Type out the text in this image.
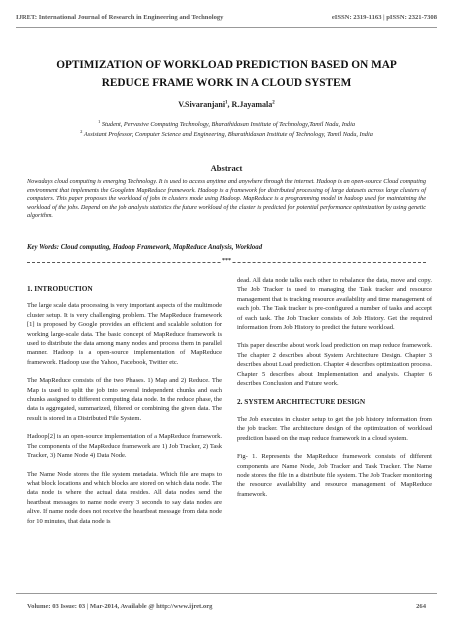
IJRET: International Journal of Research in Engineering and Technology	eISSN: 2319-1163 | pISSN: 2321-7308
OPTIMIZATION OF WORKLOAD PREDICTION BASED ON MAP
REDUCE FRAME WORK IN A CLOUD SYSTEM
V.Sivaranjani$^1$, R.Jayamala$^2$
$^1$ Student, Pervasive Computing Technology, Bharathidasan Institute of Technology,Tamil Nadu, India
$^2$ Assistant Professor, Computer Science and Engineering, Bharathidasan Institute of Technology, Tamil Nadu, India
Abstract
Nowadays cloud computing is emerging Technology. It is used to access anytime and anywhere through the internet. Hadoop is an open-source Cloud computing environment that implements the Googletm MapReduce framework. Hadoop is a framework for distributed processing of large datasets across large clusters of computers. This paper proposes the workload of jobs in clusters mode using Hadoop. MapReduce is a programming model in hadoop used for maintaining the workload of the jobs. Depend on the job analysis statistics the future workload of the cluster is predicted for potential performance optimization by using genetic algorithm.
Key Words: Cloud computing, Hadoop Framework, MapReduce Analysis, Workload
***
1. INTRODUCTION

The large scale data processing is very important aspects of the multimode cluster setup. It is very challenging problem. The MapReduce framework [1] is proposed by Google provides an efficient and scalable solution for working large-scale data. The basic concept of MapReduce framework is used to distribute the data among many nodes and process them in parallel manner. Hadoop is a open-source implementation of MapReduce framework. Hadoop use the Yahoo, Facebook, Twitter etc.

The MapReduce consists of the two Phases. 1) Map and 2) Reduce. The Map is used to split the job into several independent chunks and each chunks assigned to different computing data node. In the reduce phase, the data is aggregated, summarized, filtered or combining the given data. The result is stored in a Distributed File System.

Hadoop[2] is an open-source implementation of a MapReduce framework. The components of the MapReduce framework are 1) Job Tracker, 2) Task Tracker, 3) Name Node 4) Data Node.

The Name Node stores the file system metadata. Which file are maps to what block locations and which blocks are stored on which data node. The data node is where the actual data resides. All data nodes send the heartbeat messages to name node every 3 seconds to say data nodes are alive. If name node does not receive the heartbeat message from data node for 10 minutes, that data node is

dead. All data node talks each other to rebalance the data, move and copy. The Job Tracker is used to managing the Task tracker and resource management that is tracking resource availability and time management of each job. The Task tracker is pre-configured a number of tasks and accept of each task. The Job Tracker consists of Job History. Get the required information from Job History to predict the future workload.

This paper describe about work load prediction on map reduce framework. The chapter 2 describes about System Architecture Design. Chapter 3 describes about Load prediction. Chapter 4 describes optimization process. Chapter 5 describes about Implementation and analysis. Chapter 6 describes Conclusion and Future work.

2. SYSTEM ARCHITECTURE DESIGN

The Job executes in cluster setup to get the job history information from the job tracker. The architecture design of the optimization of workload prediction based on the map reduce framework in a cloud system.

Fig- 1. Represents the MapReduce framework consists of different components are Name Node, Job Tracker and Task Tracker. The Name node stores the file in a distribute file system. The Job Tracker monitoring the resource availability and resource management of MapReduce framework.

Volume: 03 Issue: 03 | Mar-2014, Available @ http://www.ijret.org	264
